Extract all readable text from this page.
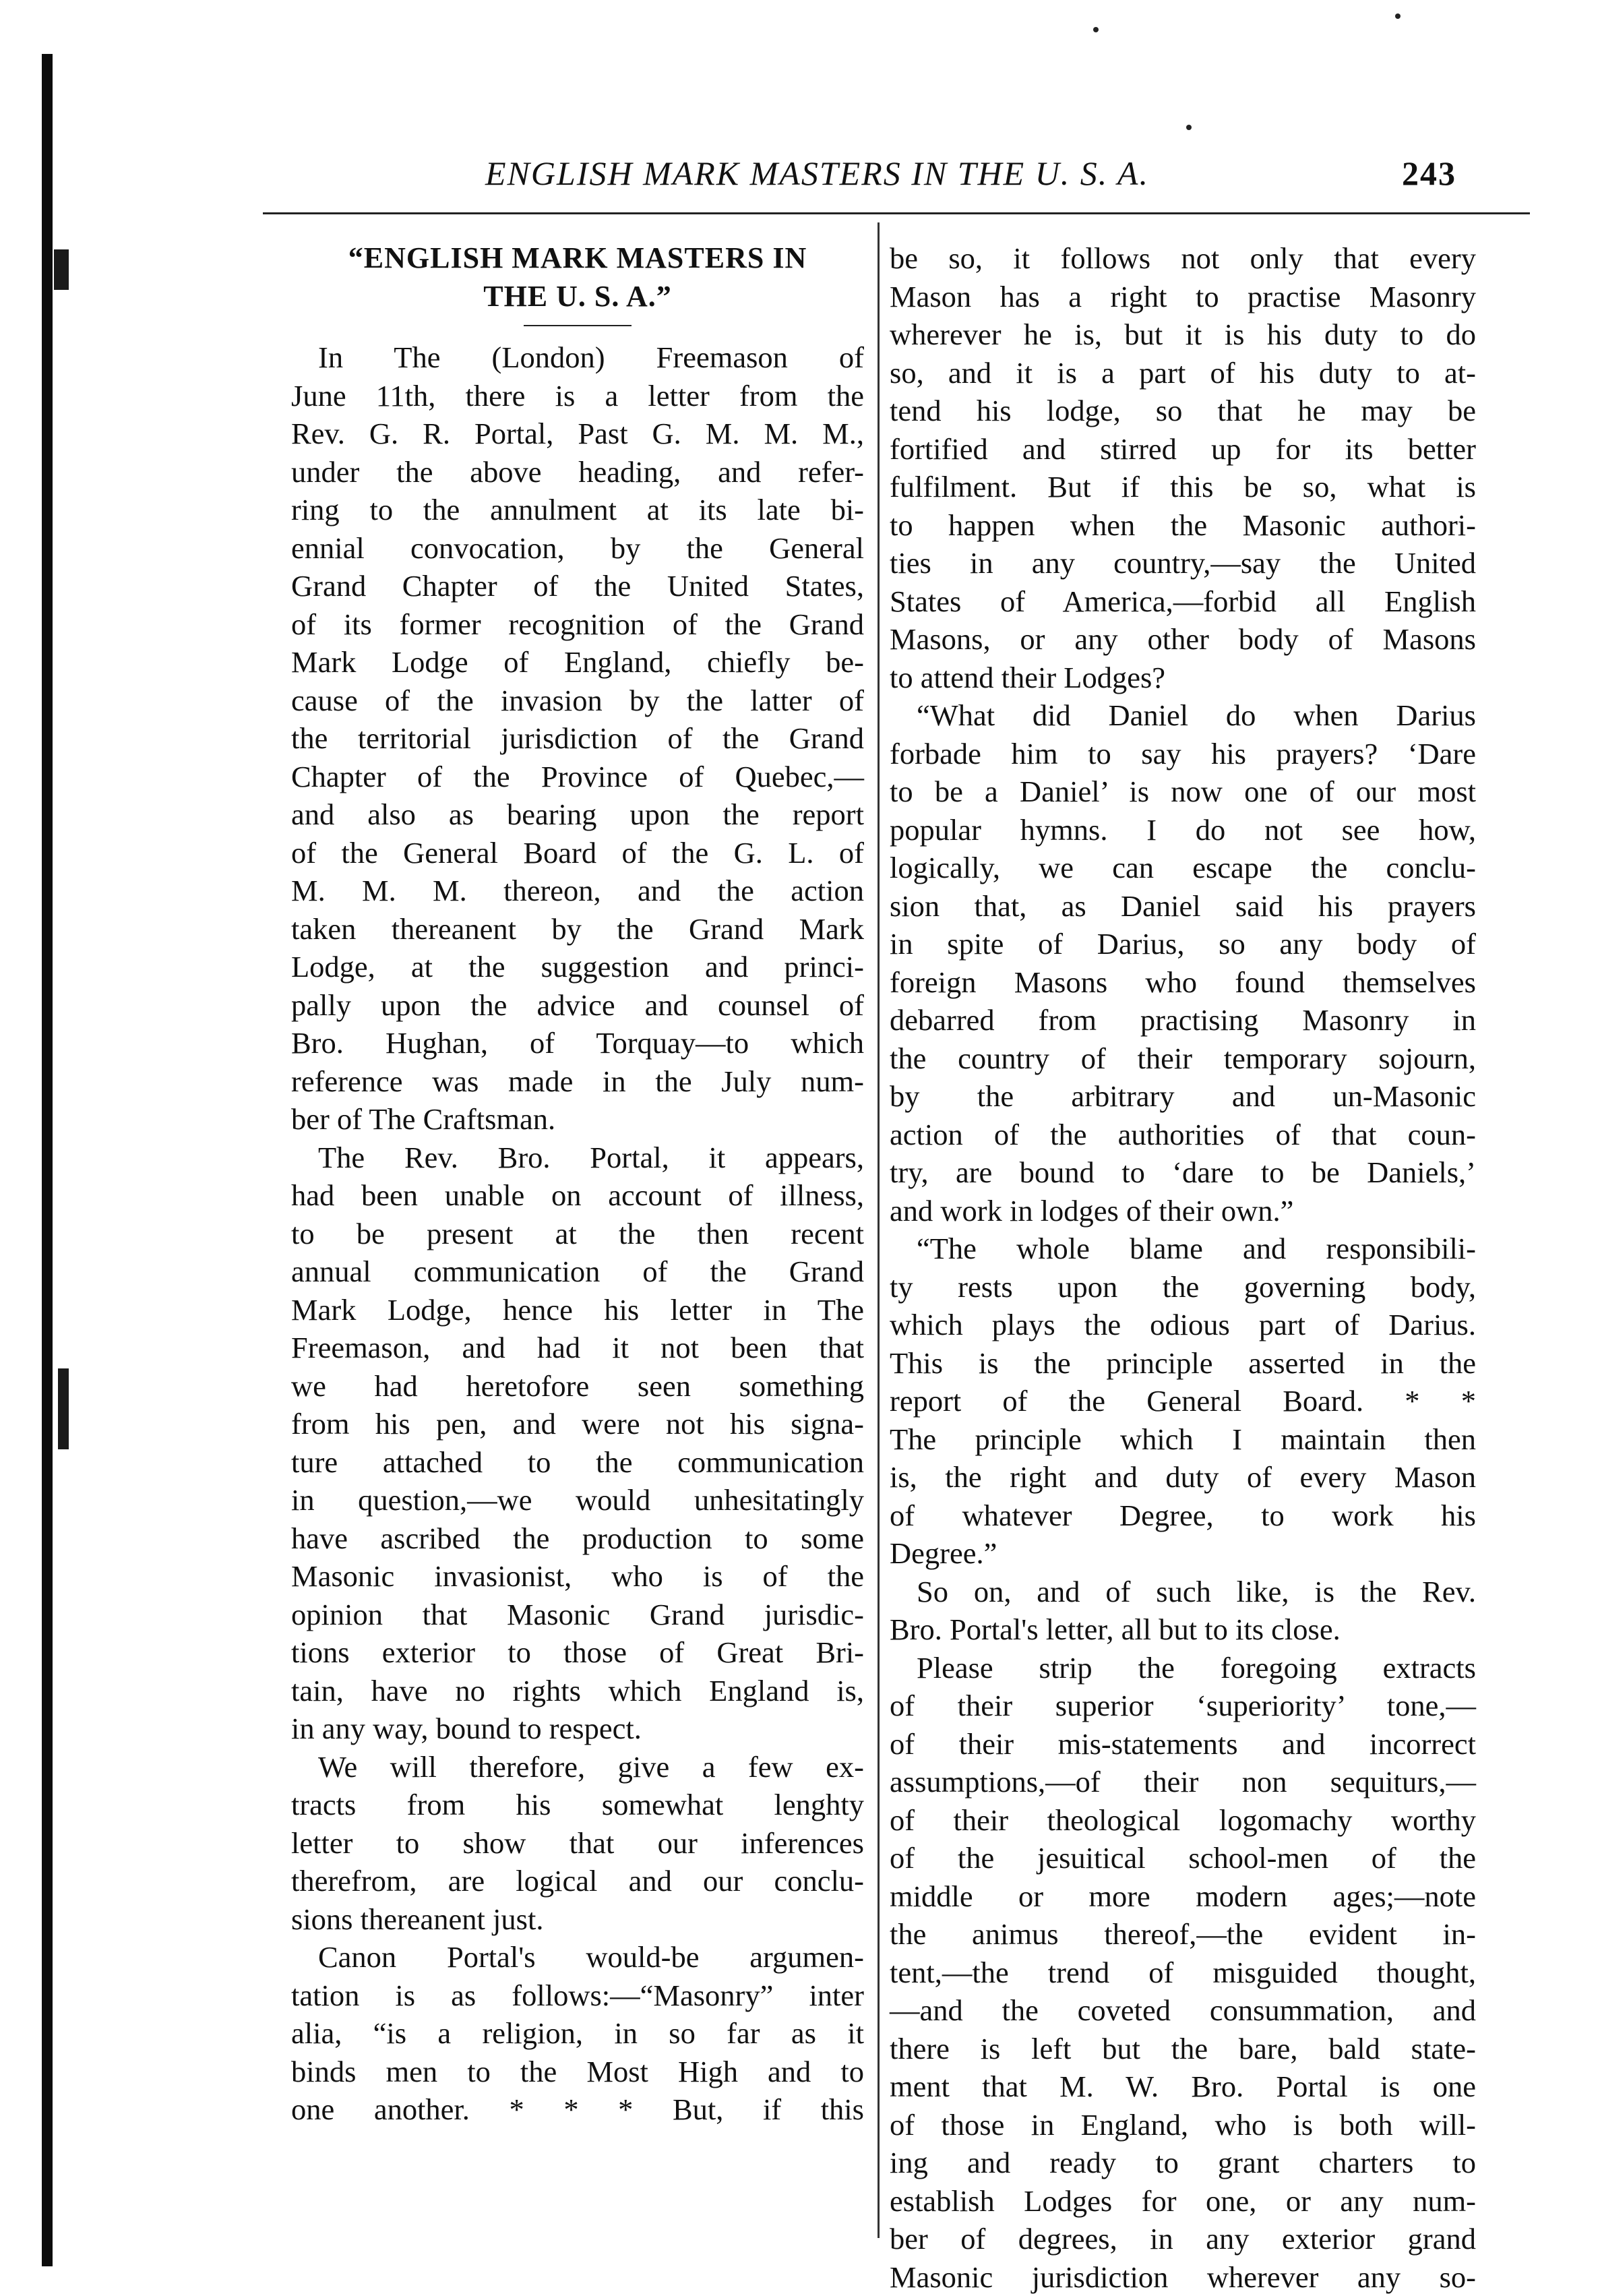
ENGLISH MARK MASTERS IN THE U. S. A.	243
“ENGLISH MARK MASTERS IN
THE U. S. A.”
In The (London) Freemason of
June 11th, there is a letter from the
Rev. G. R. Portal, Past G. M. M. M.,
under the above heading, and refer-
ring to the annulment at its late bi-
ennial convocation, by the General
Grand Chapter of the United States,
of its former recognition of the Grand
Mark Lodge of England, chiefly be-
cause of the invasion by the latter of
the territorial jurisdiction of the Grand
Chapter of the Province of Quebec,—
and also as bearing upon the report
of the General Board of the G. L. of
M. M. M. thereon, and the action
taken thereanent by the Grand Mark
Lodge, at the suggestion and princi-
pally upon the advice and counsel of
Bro. Hughan, of Torquay—to which
reference was made in the July num-
ber of The Craftsman.
The Rev. Bro. Portal, it appears,
had been unable on account of illness,
to be present at the then recent
annual communication of the Grand
Mark Lodge, hence his letter in The
Freemason, and had it not been that
we had heretofore seen something
from his pen, and were not his signa-
ture attached to the communication
in question,—we would unhesitatingly
have ascribed the production to some
Masonic invasionist, who is of the
opinion that Masonic Grand jurisdic-
tions exterior to those of Great Bri-
tain, have no rights which England is,
in any way, bound to respect.
We will therefore, give a few ex-
tracts from his somewhat lenghty
letter to show that our inferences
therefrom, are logical and our conclu-
sions thereanent just.
Canon Portal's would-be argumen-
tation is as follows:—“Masonry” inter
alia, “is a religion, in so far as it
binds men to the Most High and to
one another. * * * But, if this
be so, it follows not only that every
Mason has a right to practise Masonry
wherever he is, but it is his duty to do
so, and it is a part of his duty to at-
tend his lodge, so that he may be
fortified and stirred up for its better
fulfilment. But if this be so, what is
to happen when the Masonic authori-
ties in any country,—say the United
States of America,—forbid all English
Masons, or any other body of Masons
to attend their Lodges?
“What did Daniel do when Darius
forbade him to say his prayers? ‘Dare
to be a Daniel’ is now one of our most
popular hymns. I do not see how,
logically, we can escape the conclu-
sion that, as Daniel said his prayers
in spite of Darius, so any body of
foreign Masons who found themselves
debarred from practising Masonry in
the country of their temporary sojourn,
by the arbitrary and un-Masonic
action of the authorities of that coun-
try, are bound to ‘dare to be Daniels,’
and work in lodges of their own.”
“The whole blame and responsibili-
ty rests upon the governing body,
which plays the odious part of Darius.
This is the principle asserted in the
report of the General Board. * *
The principle which I maintain then
is, the right and duty of every Mason
of whatever Degree, to work his
Degree.”
So on, and of such like, is the Rev.
Bro. Portal's letter, all but to its close.
Please strip the foregoing extracts
of their superior ‘superiority’ tone,—
of their mis-statements and incorrect
assumptions,—of their non sequiturs,—
of their theological logomachy worthy
of the jesuitical school-men of the
middle or more modern ages;—note
the animus thereof,—the evident in-
tent,—the trend of misguided thought,
—and the coveted consummation, and
there is left but the bare, bald state-
ment that M. W. Bro. Portal is one
of those in England, who is both will-
ing and ready to grant charters to
establish Lodges for one, or any num-
ber of degrees, in any exterior grand
Masonic jurisdiction wherever any so-
